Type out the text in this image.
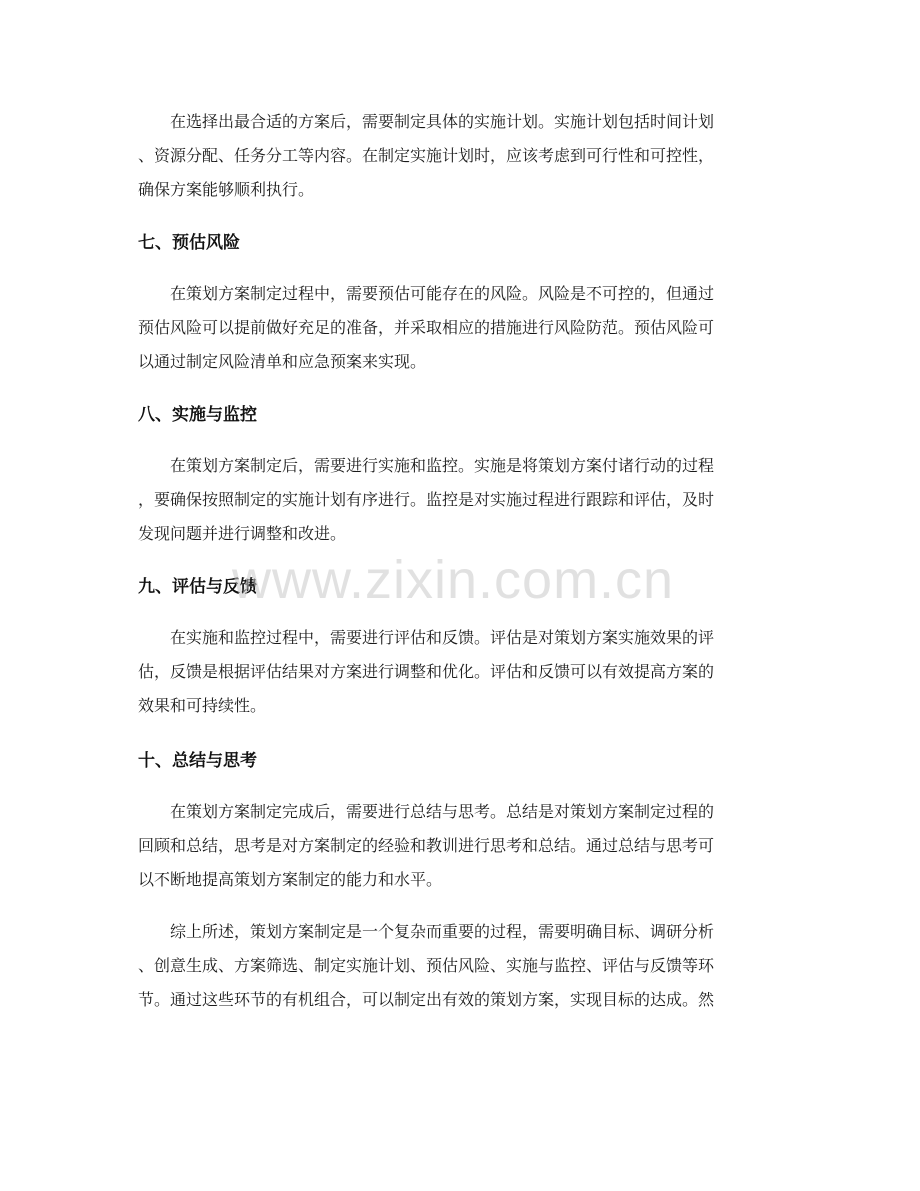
在选择出最合适的方案后，需要制定具体的实施计划。实施计划包括时间计划

、资源分配、任务分工等内容。在制定实施计划时，应该考虑到可行性和可控性，

确保方案能够顺利执行。

七、预估风险

在策划方案制定过程中，需要预估可能存在的风险。风险是不可控的，但通过

预估风险可以提前做好充足的准备，并采取相应的措施进行风险防范。预估风险可

以通过制定风险清单和应急预案来实现。

八、实施与监控

在策划方案制定后，需要进行实施和监控。实施是将策划方案付诸行动的过程

，要确保按照制定的实施计划有序进行。监控是对实施过程进行跟踪和评估，及时

发现问题并进行调整和改进。

九、评估与反馈

在实施和监控过程中，需要进行评估和反馈。评估是对策划方案实施效果的评

估，反馈是根据评估结果对方案进行调整和优化。评估和反馈可以有效提高方案的

效果和可持续性。

十、总结与思考

在策划方案制定完成后，需要进行总结与思考。总结是对策划方案制定过程的

回顾和总结，思考是对方案制定的经验和教训进行思考和总结。通过总结与思考可

以不断地提高策划方案制定的能力和水平。

综上所述，策划方案制定是一个复杂而重要的过程，需要明确目标、调研分析

、创意生成、方案筛选、制定实施计划、预估风险、实施与监控、评估与反馈等环

节。通过这些环节的有机组合，可以制定出有效的策划方案，实现目标的达成。然

www.zixin.com.cn
